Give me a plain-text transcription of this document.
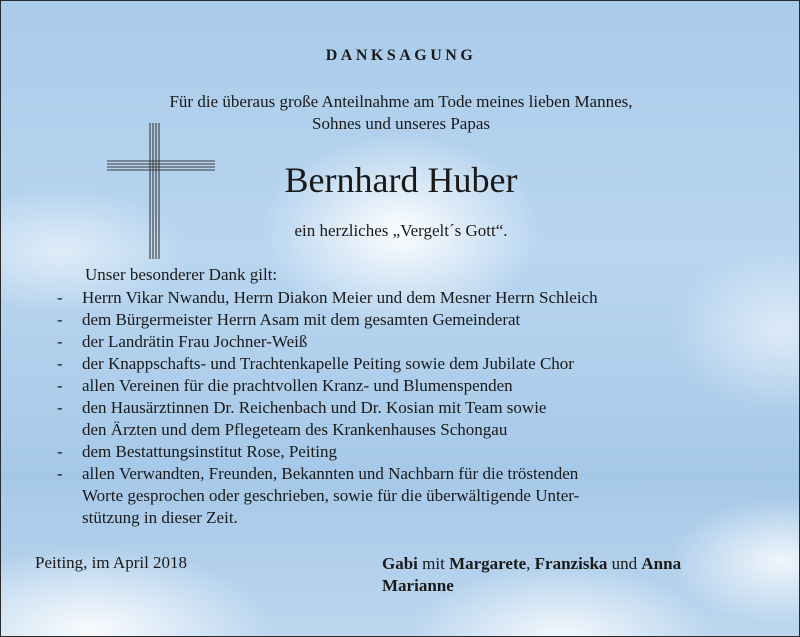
DANKSAGUNG
Für die überaus große Anteilnahme am Tode meines lieben Mannes,
Sohnes und unseres Papas
Bernhard Huber
ein herzliches „Vergelt´s Gott“.
Unser besonderer Dank gilt:
- Herrn Vikar Nwandu, Herrn Diakon Meier und dem Mesner Herrn Schleich
- dem Bürgermeister Herrn Asam mit dem gesamten Gemeinderat
- der Landrätin Frau Jochner-Weiß
- der Knappschafts- und Trachtenkapelle Peiting sowie dem Jubilate Chor
- allen Vereinen für die prachtvollen Kranz- und Blumenspenden
- den Hausärztinnen Dr. Reichenbach und Dr. Kosian mit Team sowie
den Ärzten und dem Pflegeteam des Krankenhauses Schongau
- dem Bestattungsinstitut Rose, Peiting
- allen Verwandten, Freunden, Bekannten und Nachbarn für die tröstenden
Worte gesprochen oder geschrieben, sowie für die überwältigende Unter-
stützung in dieser Zeit.
Peiting, im April 2018	Gabi mit Margarete, Franziska und Anna
Marianne
